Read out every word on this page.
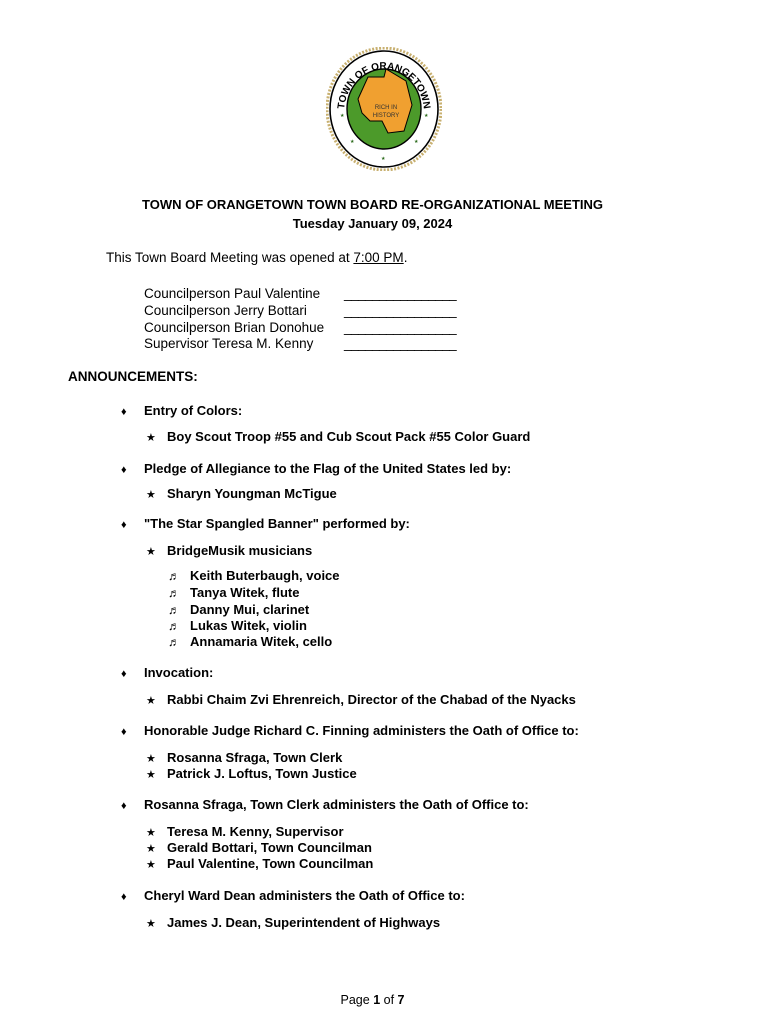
TOWN OF ORANGETOWN
RICH IN
HISTORY
★	★
★
★	★
TOWN OF ORANGETOWN TOWN BOARD RE-ORGANIZATIONAL MEETING
Tuesday January 09, 2024
This Town Board Meeting was opened at 7:00 PM.
Councilperson Paul Valentine ________________
Councilperson Jerry Bottari	________________
Councilperson Brian Donohue ________________
Supervisor Teresa M. Kenny ________________
ANNOUNCEMENTS:
♦ Entry of Colors:
★ Boy Scout Troop #55 and Cub Scout Pack #55 Color Guard
♦ Pledge of Allegiance to the Flag of the United States led by:
★ Sharyn Youngman McTigue
♦ "The Star Spangled Banner" performed by:
★ BridgeMusik musicians
♬ Keith Buterbaugh, voice
♬ Tanya Witek, flute
♬ Danny Mui, clarinet
♬ Lukas Witek, violin
♬ Annamaria Witek, cello
♦ Invocation:
★ Rabbi Chaim Zvi Ehrenreich, Director of the Chabad of the Nyacks
♦ Honorable Judge Richard C. Finning administers the Oath of Office to:
★ Rosanna Sfraga, Town Clerk
★ Patrick J. Loftus, Town Justice
♦ Rosanna Sfraga, Town Clerk administers the Oath of Office to:
★ Teresa M. Kenny, Supervisor
★ Gerald Bottari, Town Councilman
★ Paul Valentine, Town Councilman
♦ Cheryl Ward Dean administers the Oath of Office to:
★ James J. Dean, Superintendent of Highways
Page 1 of 7
